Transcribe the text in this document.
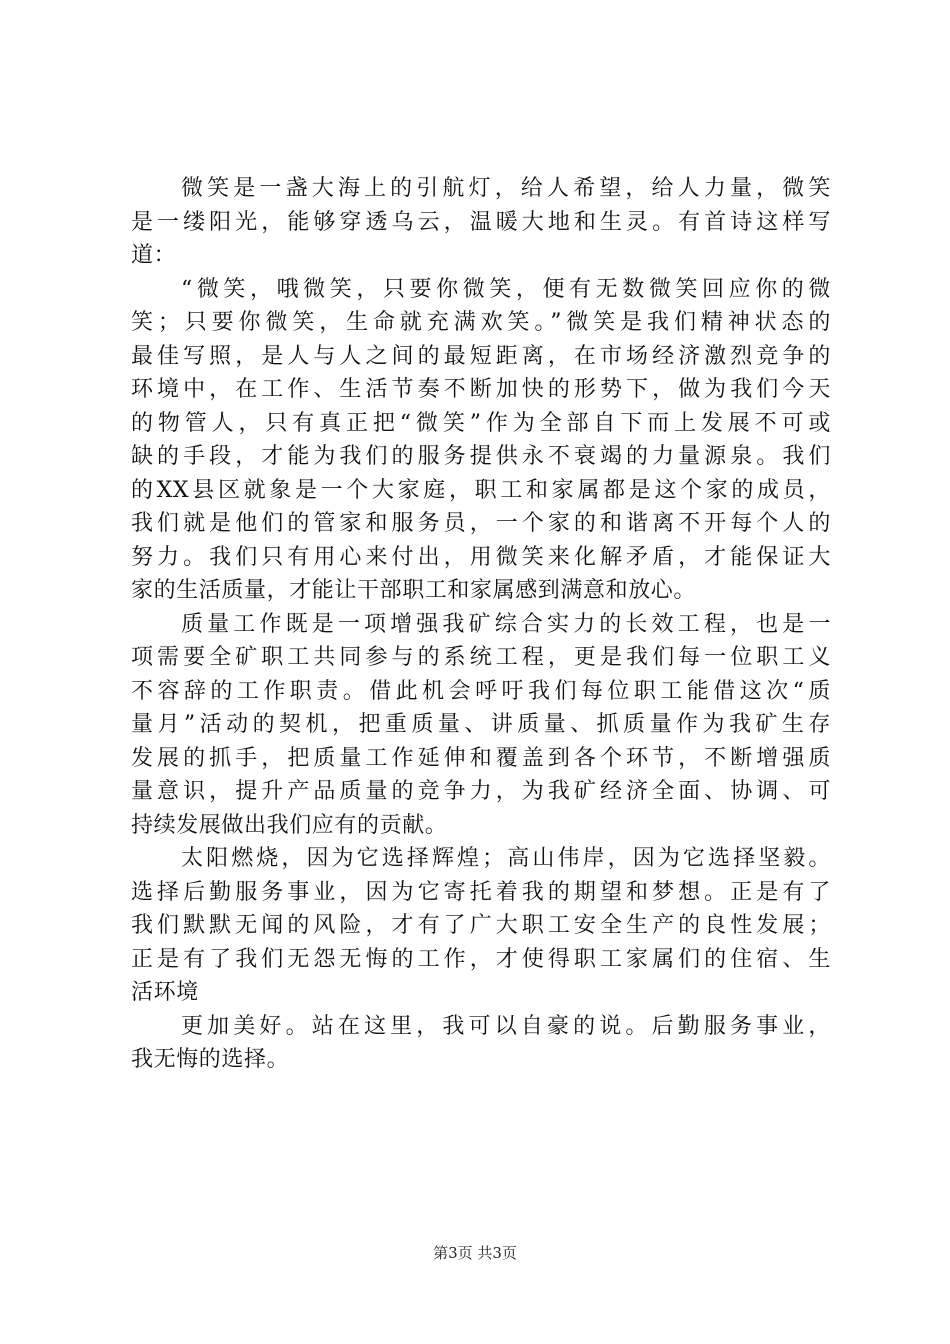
微笑是一盏大海上的引航灯，给人希望，给人力量，微笑
是一缕阳光，能够穿透乌云，温暖大地和生灵。有首诗这样写
道：
“微笑，哦微笑，只要你微笑，便有无数微笑回应你的微
笑；只要你微笑，生命就充满欢笑。”微笑是我们精神状态的
最佳写照，是人与人之间的最短距离，在市场经济激烈竞争的
环境中，在工作、生活节奏不断加快的形势下，做为我们今天
的物管人，只有真正把“微笑”作为全部自下而上发展不可或
缺的手段，才能为我们的服务提供永不衰竭的力量源泉。我们
的XX县区就象是一个大家庭，职工和家属都是这个家的成员，
我们就是他们的管家和服务员，一个家的和谐离不开每个人的
努力。我们只有用心来付出，用微笑来化解矛盾，才能保证大
家的生活质量，才能让干部职工和家属感到满意和放心。
质量工作既是一项增强我矿综合实力的长效工程，也是一
项需要全矿职工共同参与的系统工程，更是我们每一位职工义
不容辞的工作职责。借此机会呼吁我们每位职工能借这次“质
量月”活动的契机，把重质量、讲质量、抓质量作为我矿生存
发展的抓手，把质量工作延伸和覆盖到各个环节，不断增强质
量意识，提升产品质量的竞争力，为我矿经济全面、协调、可
持续发展做出我们应有的贡献。
太阳燃烧，因为它选择辉煌；高山伟岸，因为它选择坚毅。
选择后勤服务事业，因为它寄托着我的期望和梦想。正是有了
我们默默无闻的风险，才有了广大职工安全生产的良性发展；
正是有了我们无怨无悔的工作，才使得职工家属们的住宿、生
活环境
更加美好。站在这里，我可以自豪的说。后勤服务事业，
我无悔的选择。
第3页 共3页
